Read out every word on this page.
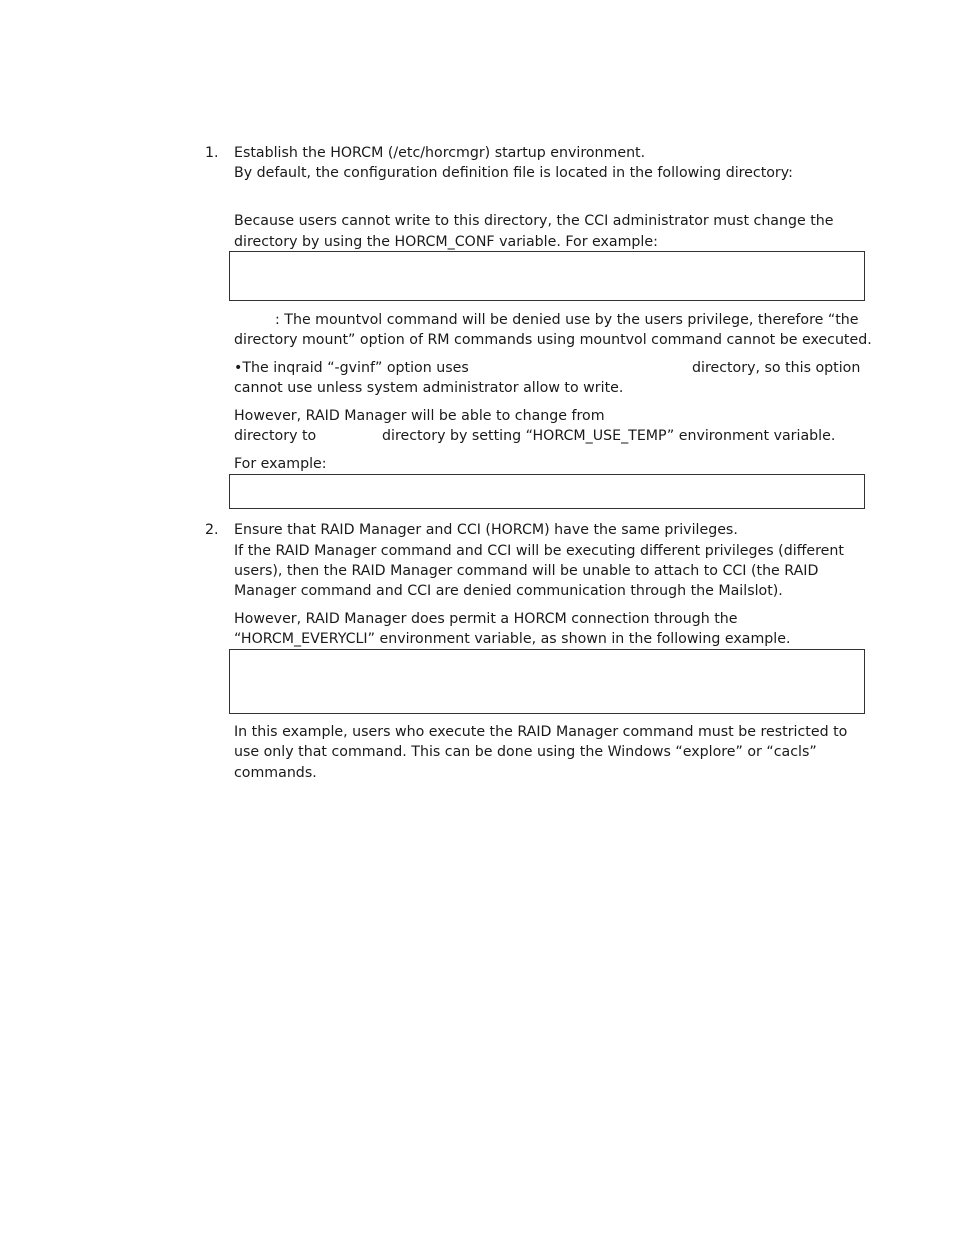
1. Establish the HORCM (/etc/horcmgr) startup environment.
By default, the configuration definition file is located in the following directory:
Because users cannot write to this directory, the CCI administrator must change the
directory by using the HORCM_CONF variable. For example:
: The mountvol command will be denied use by the users privilege, therefore “the
directory mount” option of RM commands using mountvol command cannot be executed.
•The inqraid “-gvinf” option uses	directory, so this option
cannot use unless system administrator allow to write.
However, RAID Manager will be able to change from
directory to	directory by setting “HORCM_USE_TEMP” environment variable.
For example:
2. Ensure that RAID Manager and CCI (HORCM) have the same privileges.
If the RAID Manager command and CCI will be executing different privileges (different
users), then the RAID Manager command will be unable to attach to CCI (the RAID
Manager command and CCI are denied communication through the Mailslot).
However, RAID Manager does permit a HORCM connection through the
“HORCM_EVERYCLI” environment variable, as shown in the following example.
In this example, users who execute the RAID Manager command must be restricted to
use only that command. This can be done using the Windows “explore” or “cacls”
commands.
